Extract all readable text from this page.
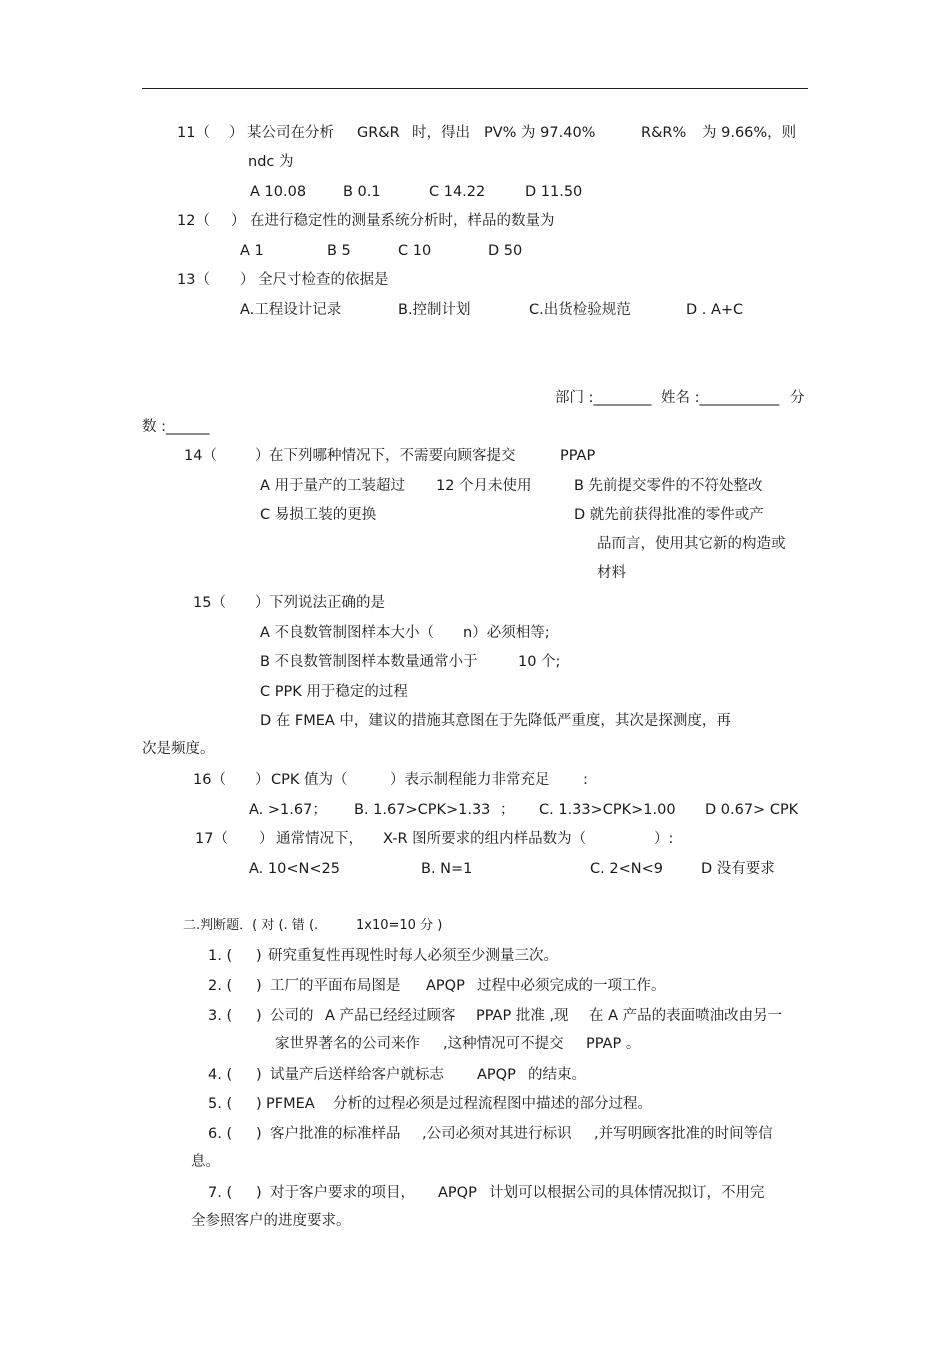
11（ ） 某公司在分析 GR&R 时，得出 PV% 为 97.40%	R&R% 为 9.66%，则
ndc 为
A 10.08	B 0.1	C 14.22	D 11.50
12（ ） 在进行稳定性的测量系统分析时，样品的数量为
A 1	B 5	C 10	D 50
13（ ） 全尺寸检查的依据是
A.工程设计记录	B.控制计划	C.出货检验规范	D . A+C
部门 :________ 姓名 :___________ 分
数 :______
14（	） 在下列哪种情况下，不需要向顾客提交	PPAP
A 用于量产的工装超过 12 个月未使用	B 先前提交零件的不符处整改
C 易损工装的更换	D 就先前获得批准的零件或产
品而言，使用其它新的构造或
材料
15（ ） 下列说法正确的是
A 不良数管制图样本大小（ n）必须相等;
B 不良数管制图样本数量通常小于	10 个;
C PPK 用于稳定的过程
D 在 FMEA 中，建议的措施其意图在于先降低严重度，其次是探测度，再
次是频度。
16（ ） CPK 值为（	）表示制程能力非常充足 :
A. >1.67； B. 1.67>CPK>1.33 ； C. 1.33>CPK>1.00 D 0.67> CPK
17（ ） 通常情况下， X-R 图所要求的组内样品数为（	）:
A. 10<N<25	B. N=1	C. 2<N<9	D 没有要求
二.判断题．( 对 (. 错 (.	1x10=10 分 )
1. ( ) 研究重复性再现性时每人必须至少测量三次。
2. ( ) 工厂的平面布局图是 APQP 过程中必须完成的一项工作。
3. ( ) 公司的 A 产品已经经过顾客 PPAP 批准 ,现 在 A 产品的表面喷油改由另一
家世界著名的公司来作 ,这种情况可不提交 PPAP 。
4. ( ) 试量产后送样给客户就标志 APQP 的结束。
5. ( ) PFMEA 分析的过程必须是过程流程图中描述的部分过程。
6. ( ) 客户批准的标准样品 ,公司必须对其进行标识 ,并写明顾客批准的时间等信
息。
7. ( ) 对于客户要求的项目， APQP 计划可以根据公司的具体情况拟订，不用完
全参照客户的进度要求。
